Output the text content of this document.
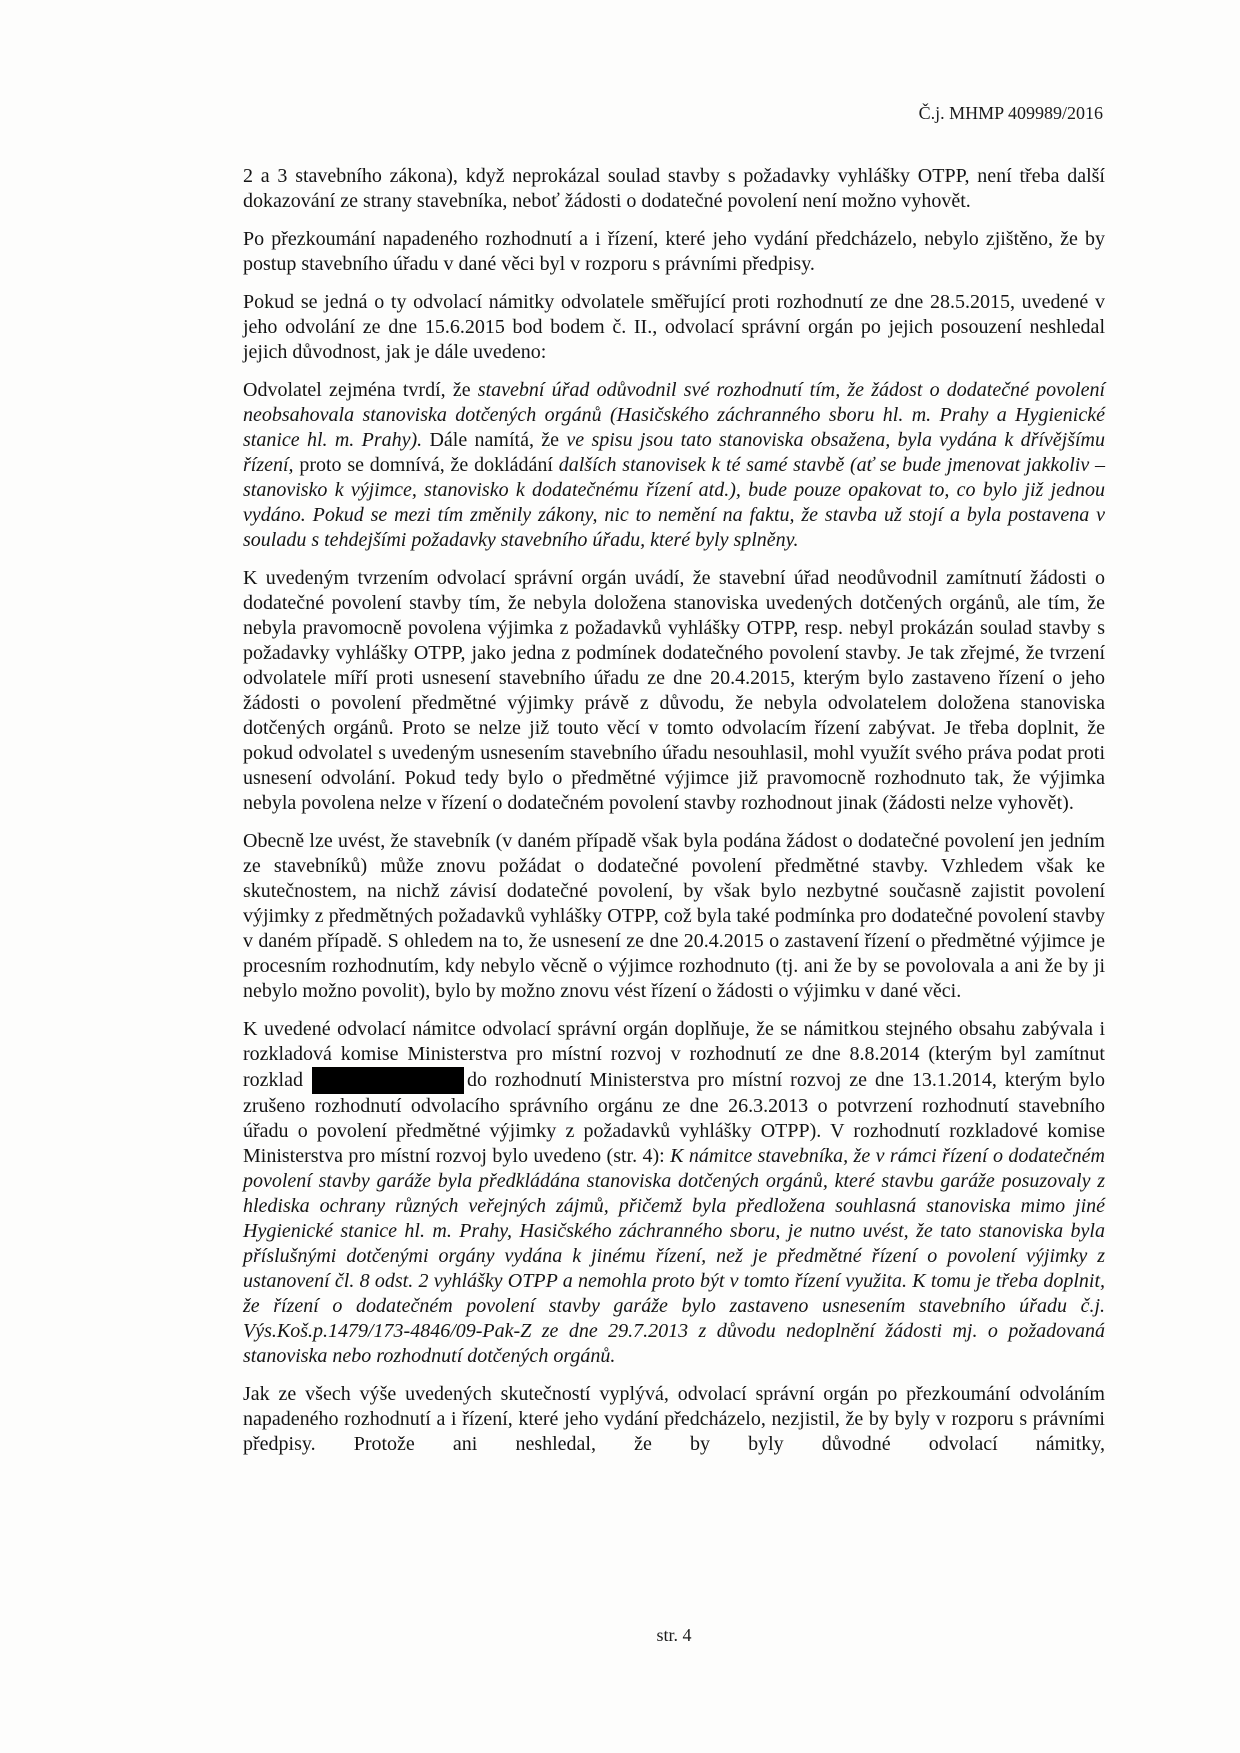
Č.j. MHMP 409989/2016

2 a 3 stavebního zákona), když neprokázal soulad stavby s požadavky vyhlášky OTPP, není třeba další dokazování ze strany stavebníka, neboť žádosti o dodatečné povolení není možno vyhovět.

Po přezkoumání napadeného rozhodnutí a i řízení, které jeho vydání předcházelo, nebylo zjištěno, že by postup stavebního úřadu v dané věci byl v rozporu s právními předpisy.

Pokud se jedná o ty odvolací námitky odvolatele směřující proti rozhodnutí ze dne 28.5.2015, uvedené v jeho odvolání ze dne 15.6.2015 bod bodem č. II., odvolací správní orgán po jejich posouzení neshledal jejich důvodnost, jak je dále uvedeno:

Odvolatel zejména tvrdí, že stavební úřad odůvodnil své rozhodnutí tím, že žádost o dodatečné povolení neobsahovala stanoviska dotčených orgánů (Hasičského záchranného sboru hl. m. Prahy a Hygienické stanice hl. m. Prahy). Dále namítá, že ve spisu jsou tato stanoviska obsažena, byla vydána k dřívějšímu řízení, proto se domnívá, že dokládání dalších stanovisek k té samé stavbě (ať se bude jmenovat jakkoliv – stanovisko k výjimce, stanovisko k dodatečnému řízení atd.), bude pouze opakovat to, co bylo již jednou vydáno. Pokud se mezi tím změnily zákony, nic to nemění na faktu, že stavba už stojí a byla postavena v souladu s tehdejšími požadavky stavebního úřadu, které byly splněny.

K uvedeným tvrzením odvolací správní orgán uvádí, že stavební úřad neodůvodnil zamítnutí žádosti o dodatečné povolení stavby tím, že nebyla doložena stanoviska uvedených dotčených orgánů, ale tím, že nebyla pravomocně povolena výjimka z požadavků vyhlášky OTPP, resp. nebyl prokázán soulad stavby s požadavky vyhlášky OTPP, jako jedna z podmínek dodatečného povolení stavby. Je tak zřejmé, že tvrzení odvolatele míří proti usnesení stavebního úřadu ze dne 20.4.2015, kterým bylo zastaveno řízení o jeho žádosti o povolení předmětné výjimky právě z důvodu, že nebyla odvolatelem doložena stanoviska dotčených orgánů. Proto se nelze již touto věcí v tomto odvolacím řízení zabývat. Je třeba doplnit, že pokud odvolatel s uvedeným usnesením stavebního úřadu nesouhlasil, mohl využít svého práva podat proti usnesení odvolání. Pokud tedy bylo o předmětné výjimce již pravomocně rozhodnuto tak, že výjimka nebyla povolena nelze v řízení o dodatečném povolení stavby rozhodnout jinak (žádosti nelze vyhovět).

Obecně lze uvést, že stavebník (v daném případě však byla podána žádost o dodatečné povolení jen jedním ze stavebníků) může znovu požádat o dodatečné povolení předmětné stavby. Vzhledem však ke skutečnostem, na nichž závisí dodatečné povolení, by však bylo nezbytné současně zajistit povolení výjimky z předmětných požadavků vyhlášky OTPP, což byla také podmínka pro dodatečné povolení stavby v daném případě. S ohledem na to, že usnesení ze dne 20.4.2015 o zastavení řízení o předmětné výjimce je procesním rozhodnutím, kdy nebylo věcně o výjimce rozhodnuto (tj. ani že by se povolovala a ani že by ji nebylo možno povolit), bylo by možno znovu vést řízení o žádosti o výjimku v dané věci.

K uvedené odvolací námitce odvolací správní orgán doplňuje, že se námitkou stejného obsahu zabývala i rozkladová komise Ministerstva pro místní rozvoj v rozhodnutí ze dne 8.8.2014 (kterým byl zamítnut rozklad	do rozhodnutí Ministerstva pro místní rozvoj ze dne 13.1.2014, kterým bylo zrušeno rozhodnutí odvolacího správního orgánu ze dne 26.3.2013 o potvrzení rozhodnutí stavebního úřadu o povolení předmětné výjimky z požadavků vyhlášky OTPP). V rozhodnutí rozkladové komise Ministerstva pro místní rozvoj bylo uvedeno (str. 4): K námitce stavebníka, že v rámci řízení o dodatečném povolení stavby garáže byla předkládána stanoviska dotčených orgánů, které stavbu garáže posuzovaly z hlediska ochrany různých veřejných zájmů, přičemž byla předložena souhlasná stanoviska mimo jiné Hygienické stanice hl. m. Prahy, Hasičského záchranného sboru, je nutno uvést, že tato stanoviska byla příslušnými dotčenými orgány vydána k jinému řízení, než je předmětné řízení o povolení výjimky z ustanovení čl. 8 odst. 2 vyhlášky OTPP a nemohla proto být v tomto řízení využita. K tomu je třeba doplnit, že řízení o dodatečném povolení stavby garáže bylo zastaveno usnesením stavebního úřadu č.j. Výs.Koš.p.1479/173-4846/09-Pak-Z ze dne 29.7.2013 z důvodu nedoplnění žádosti mj. o požadovaná stanoviska nebo rozhodnutí dotčených orgánů.

Jak ze všech výše uvedených skutečností vyplývá, odvolací správní orgán po přezkoumání odvoláním napadeného rozhodnutí a i řízení, které jeho vydání předcházelo, nezjistil, že by byly v rozporu s právními předpisy. Protože ani neshledal, že by byly důvodné odvolací námitky,

str. 4
